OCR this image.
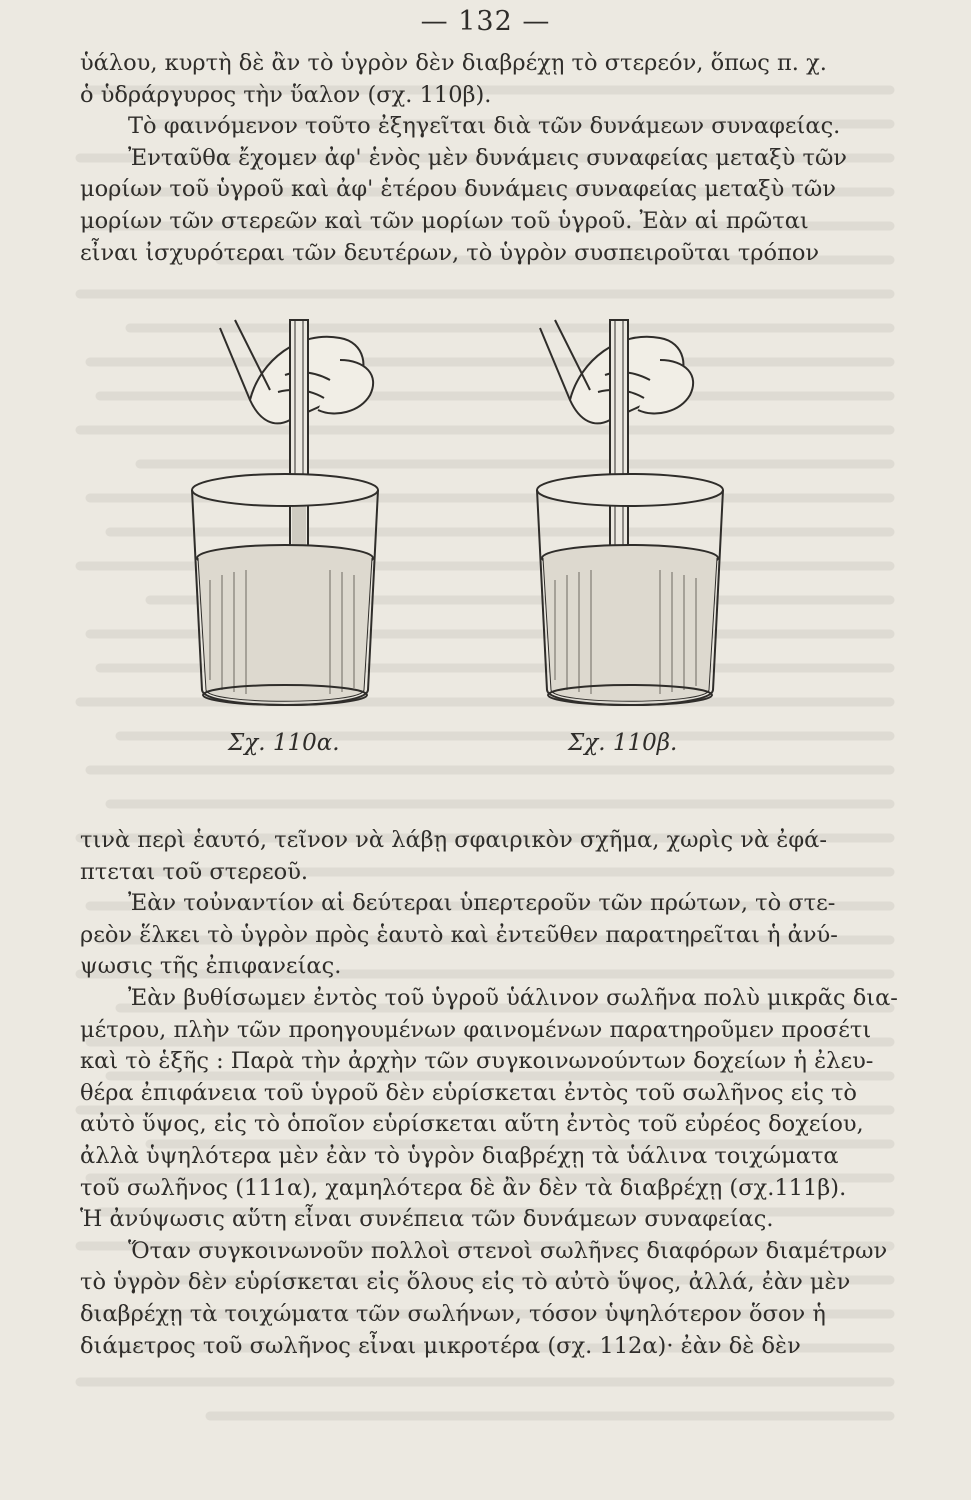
— 132 —
ὑάλου, κυρτὴ δὲ ἂν τὸ ὑγρὸν δὲν διαβρέχῃ τὸ στερεόν, ὅπως π. χ.
ὁ ὑδράργυρος τὴν ὕαλον (σχ. 110β).
Τὸ φαινόμενον τοῦτο ἐξηγεῖται διὰ τῶν δυνάμεων συναφείας.
Ἐνταῦθα ἔχομεν ἀφ' ἑνὸς μὲν δυνάμεις συναφείας μεταξὺ τῶν
μορίων τοῦ ὑγροῦ καὶ ἀφ' ἑτέρου δυνάμεις συναφείας μεταξὺ τῶν
μορίων τῶν στερεῶν καὶ τῶν μορίων τοῦ ὑγροῦ. Ἐὰν αἱ πρῶται
εἶναι ἰσχυρότεραι τῶν δευτέρων, τὸ ὑγρὸν συσπειροῦται τρόπον
Σχ. 110α.	Σχ. 110β.
τινὰ περὶ ἑαυτό, τεῖνον νὰ λάβῃ σφαιρικὸν σχῆμα, χωρὶς νὰ ἐφά-
πτεται τοῦ στερεοῦ.
Ἐὰν τοὐναντίον αἱ δεύτεραι ὑπερτεροῦν τῶν πρώτων, τὸ στε-
ρεὸν ἕλκει τὸ ὑγρὸν πρὸς ἑαυτὸ καὶ ἐντεῦθεν παρατηρεῖται ἡ ἀνύ-
ψωσις τῆς ἐπιφανείας.
Ἐὰν βυθίσωμεν ἐντὸς τοῦ ὑγροῦ ὑάλινον σωλῆνα πολὺ μικρᾶς δια-
μέτρου, πλὴν τῶν προηγουμένων φαινομένων παρατηροῦμεν προσέτι
καὶ τὸ ἑξῆς : Παρὰ τὴν ἀρχὴν τῶν συγκοινωνούντων δοχείων ἡ ἐλευ-
θέρα ἐπιφάνεια τοῦ ὑγροῦ δὲν εὑρίσκεται ἐντὸς τοῦ σωλῆνος εἰς τὸ
αὐτὸ ὕψος, εἰς τὸ ὁποῖον εὑρίσκεται αὕτη ἐντὸς τοῦ εὐρέος δοχείου,
ἀλλὰ ὑψηλότερα μὲν ἐὰν τὸ ὑγρὸν διαβρέχῃ τὰ ὑάλινα τοιχώματα
τοῦ σωλῆνος (111α), χαμηλότερα δὲ ἂν δὲν τὰ διαβρέχῃ (σχ.111β).
Ἡ ἀνύψωσις αὕτη εἶναι συνέπεια τῶν δυνάμεων συναφείας.
Ὅταν συγκοινωνοῦν πολλοὶ στενοὶ σωλῆνες διαφόρων διαμέτρων
τὸ ὑγρὸν δὲν εὑρίσκεται εἰς ὅλους εἰς τὸ αὐτὸ ὕψος, ἀλλά, ἐὰν μὲν
διαβρέχῃ τὰ τοιχώματα τῶν σωλήνων, τόσον ὑψηλότερον ὅσον ἡ
διάμετρος τοῦ σωλῆνος εἶναι μικροτέρα (σχ. 112α)· ἐὰν δὲ δὲν
